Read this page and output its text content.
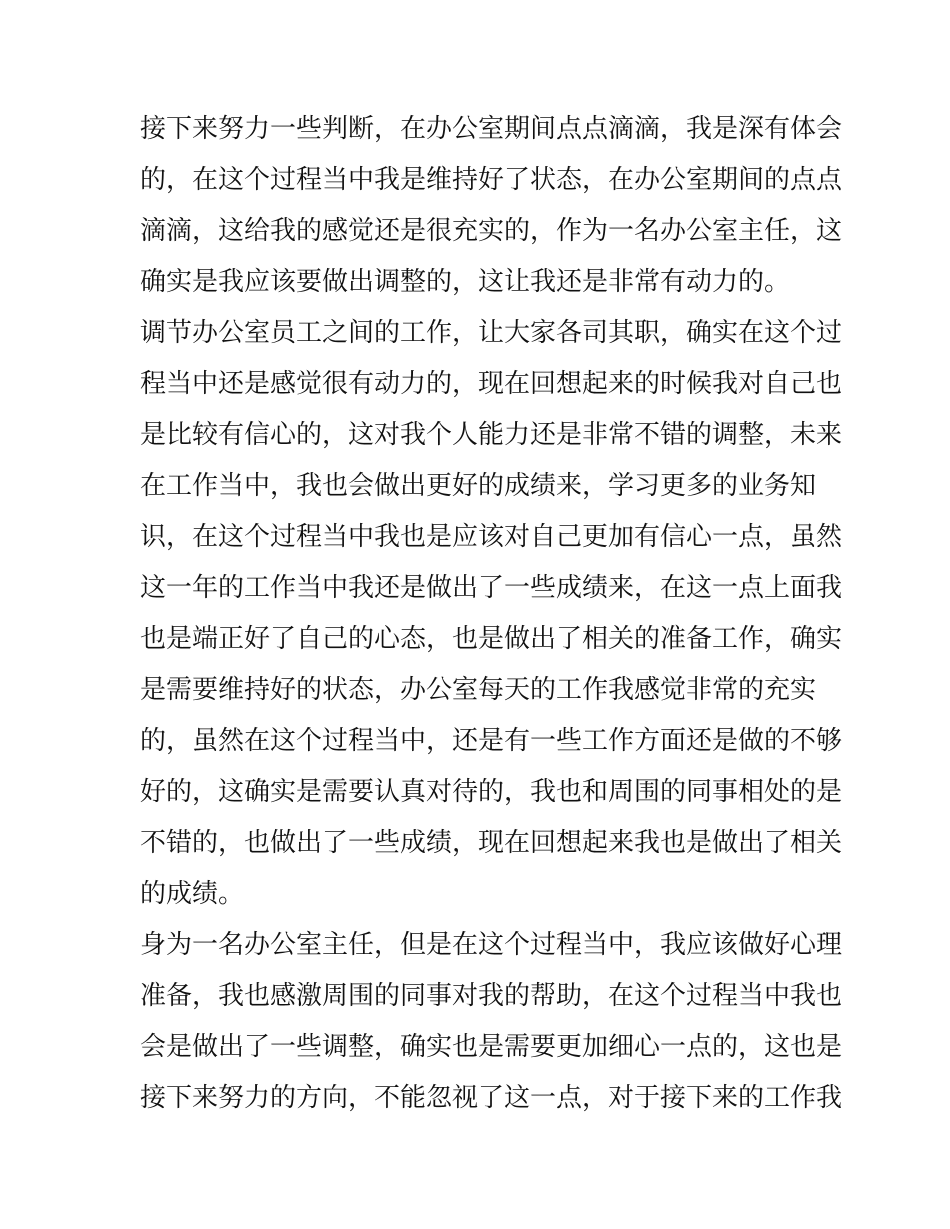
接下来努力一些判断，在办公室期间点点滴滴，我是深有体会
的，在这个过程当中我是维持好了状态，在办公室期间的点点
滴滴，这给我的感觉还是很充实的，作为一名办公室主任，这
确实是我应该要做出调整的，这让我还是非常有动力的。
调节办公室员工之间的工作，让大家各司其职，确实在这个过
程当中还是感觉很有动力的，现在回想起来的时候我对自己也
是比较有信心的，这对我个人能力还是非常不错的调整，未来
在工作当中，我也会做出更好的成绩来，学习更多的业务知
识，在这个过程当中我也是应该对自己更加有信心一点，虽然
这一年的工作当中我还是做出了一些成绩来，在这一点上面我
也是端正好了自己的心态，也是做出了相关的准备工作，确实
是需要维持好的状态，办公室每天的工作我感觉非常的充实
的，虽然在这个过程当中，还是有一些工作方面还是做的不够
好的，这确实是需要认真对待的，我也和周围的同事相处的是
不错的，也做出了一些成绩，现在回想起来我也是做出了相关
的成绩。
身为一名办公室主任，但是在这个过程当中，我应该做好心理
准备，我也感激周围的同事对我的帮助，在这个过程当中我也
会是做出了一些调整，确实也是需要更加细心一点的，这也是
接下来努力的方向，不能忽视了这一点，对于接下来的工作我
